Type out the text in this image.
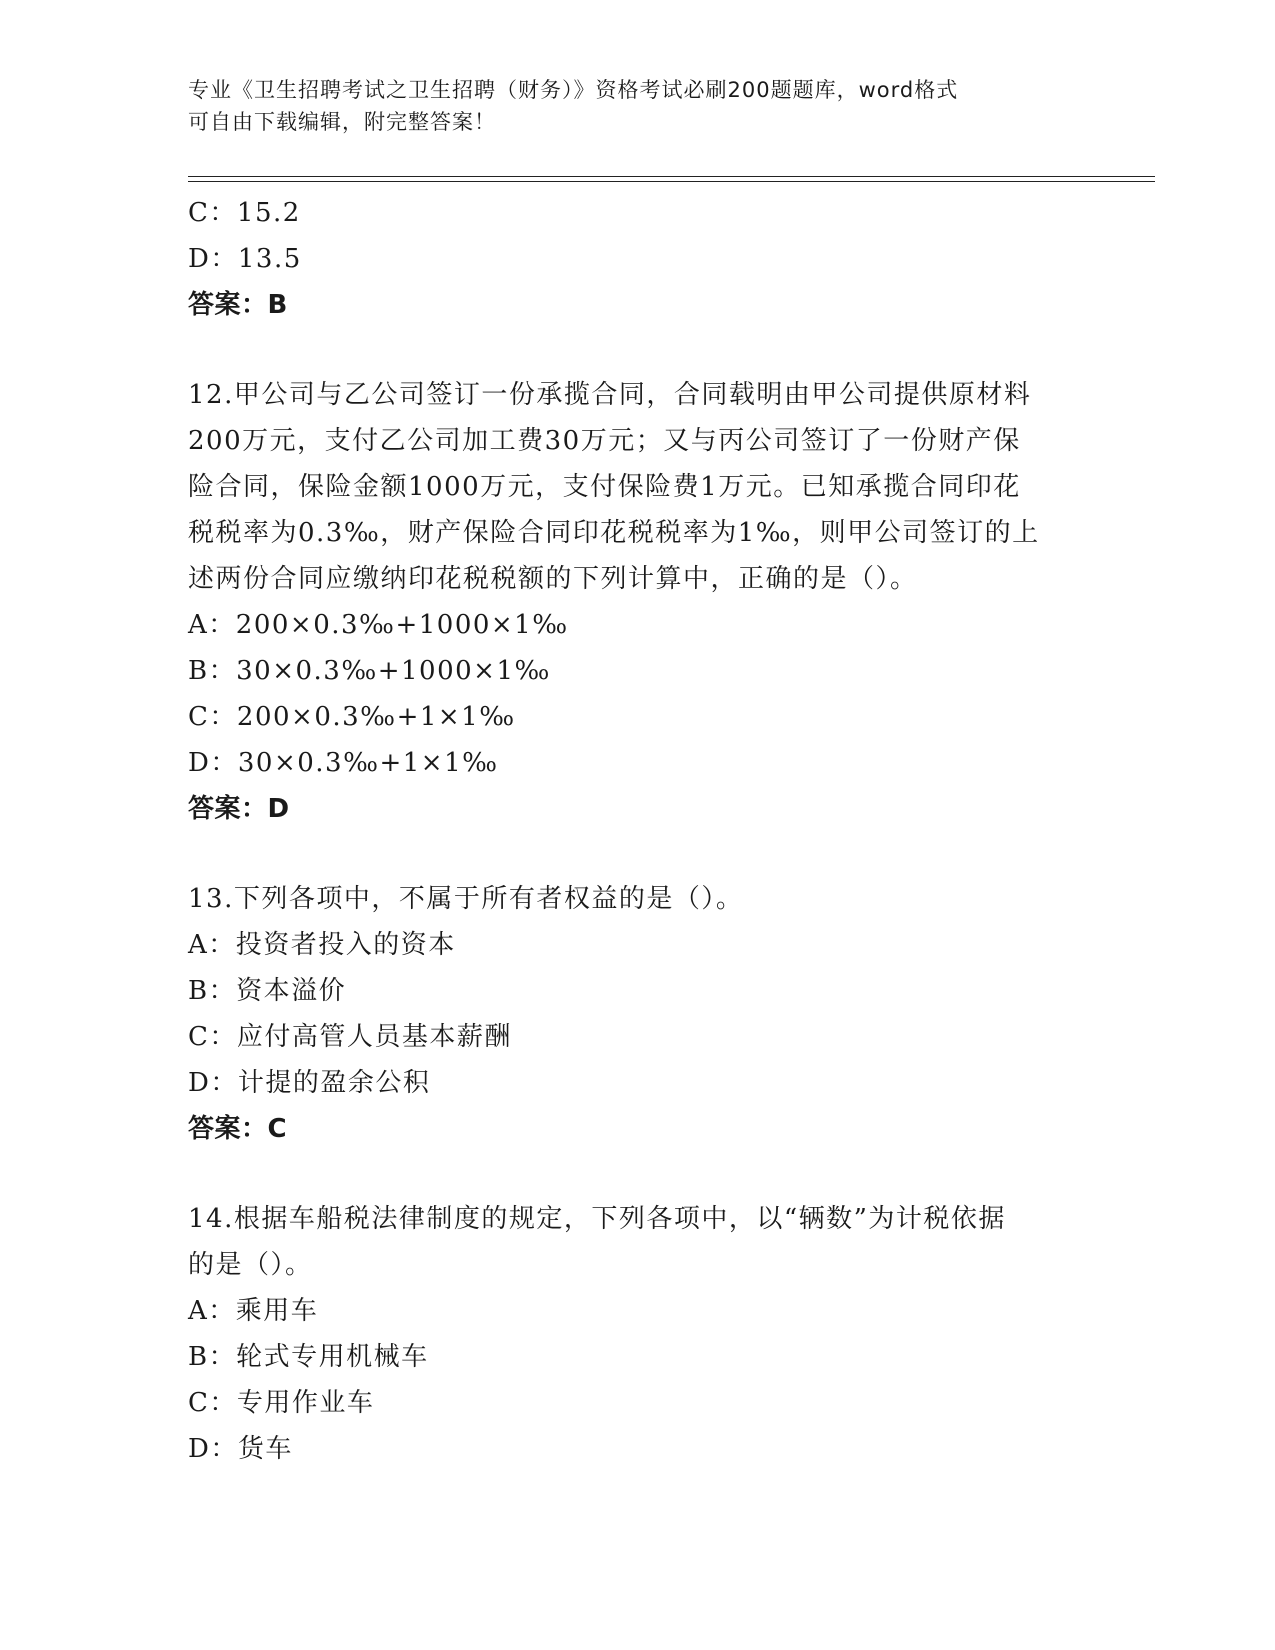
专业《卫生招聘考试之卫生招聘（财务）》资格考试必刷200题题库，word格式
可自由下载编辑，附完整答案！
C：15.2
D：13.5
答案：B
12.甲公司与乙公司签订一份承揽合同，合同载明由甲公司提供原材料
200万元，支付乙公司加工费30万元；又与丙公司签订了一份财产保
险合同，保险金额1000万元，支付保险费1万元。已知承揽合同印花
税税率为0.3‰，财产保险合同印花税税率为1‰，则甲公司签订的上
述两份合同应缴纳印花税税额的下列计算中，正确的是（）。
A：200×0.3‰+1000×1‰
B：30×0.3‰+1000×1‰
C：200×0.3‰+1×1‰
D：30×0.3‰+1×1‰
答案：D
13.下列各项中，不属于所有者权益的是（）。
A：投资者投入的资本
B：资本溢价
C：应付高管人员基本薪酬
D：计提的盈余公积
答案：C
14.根据车船税法律制度的规定，下列各项中，以“辆数”为计税依据
的是（）。
A：乘用车
B：轮式专用机械车
C：专用作业车
D：货车
